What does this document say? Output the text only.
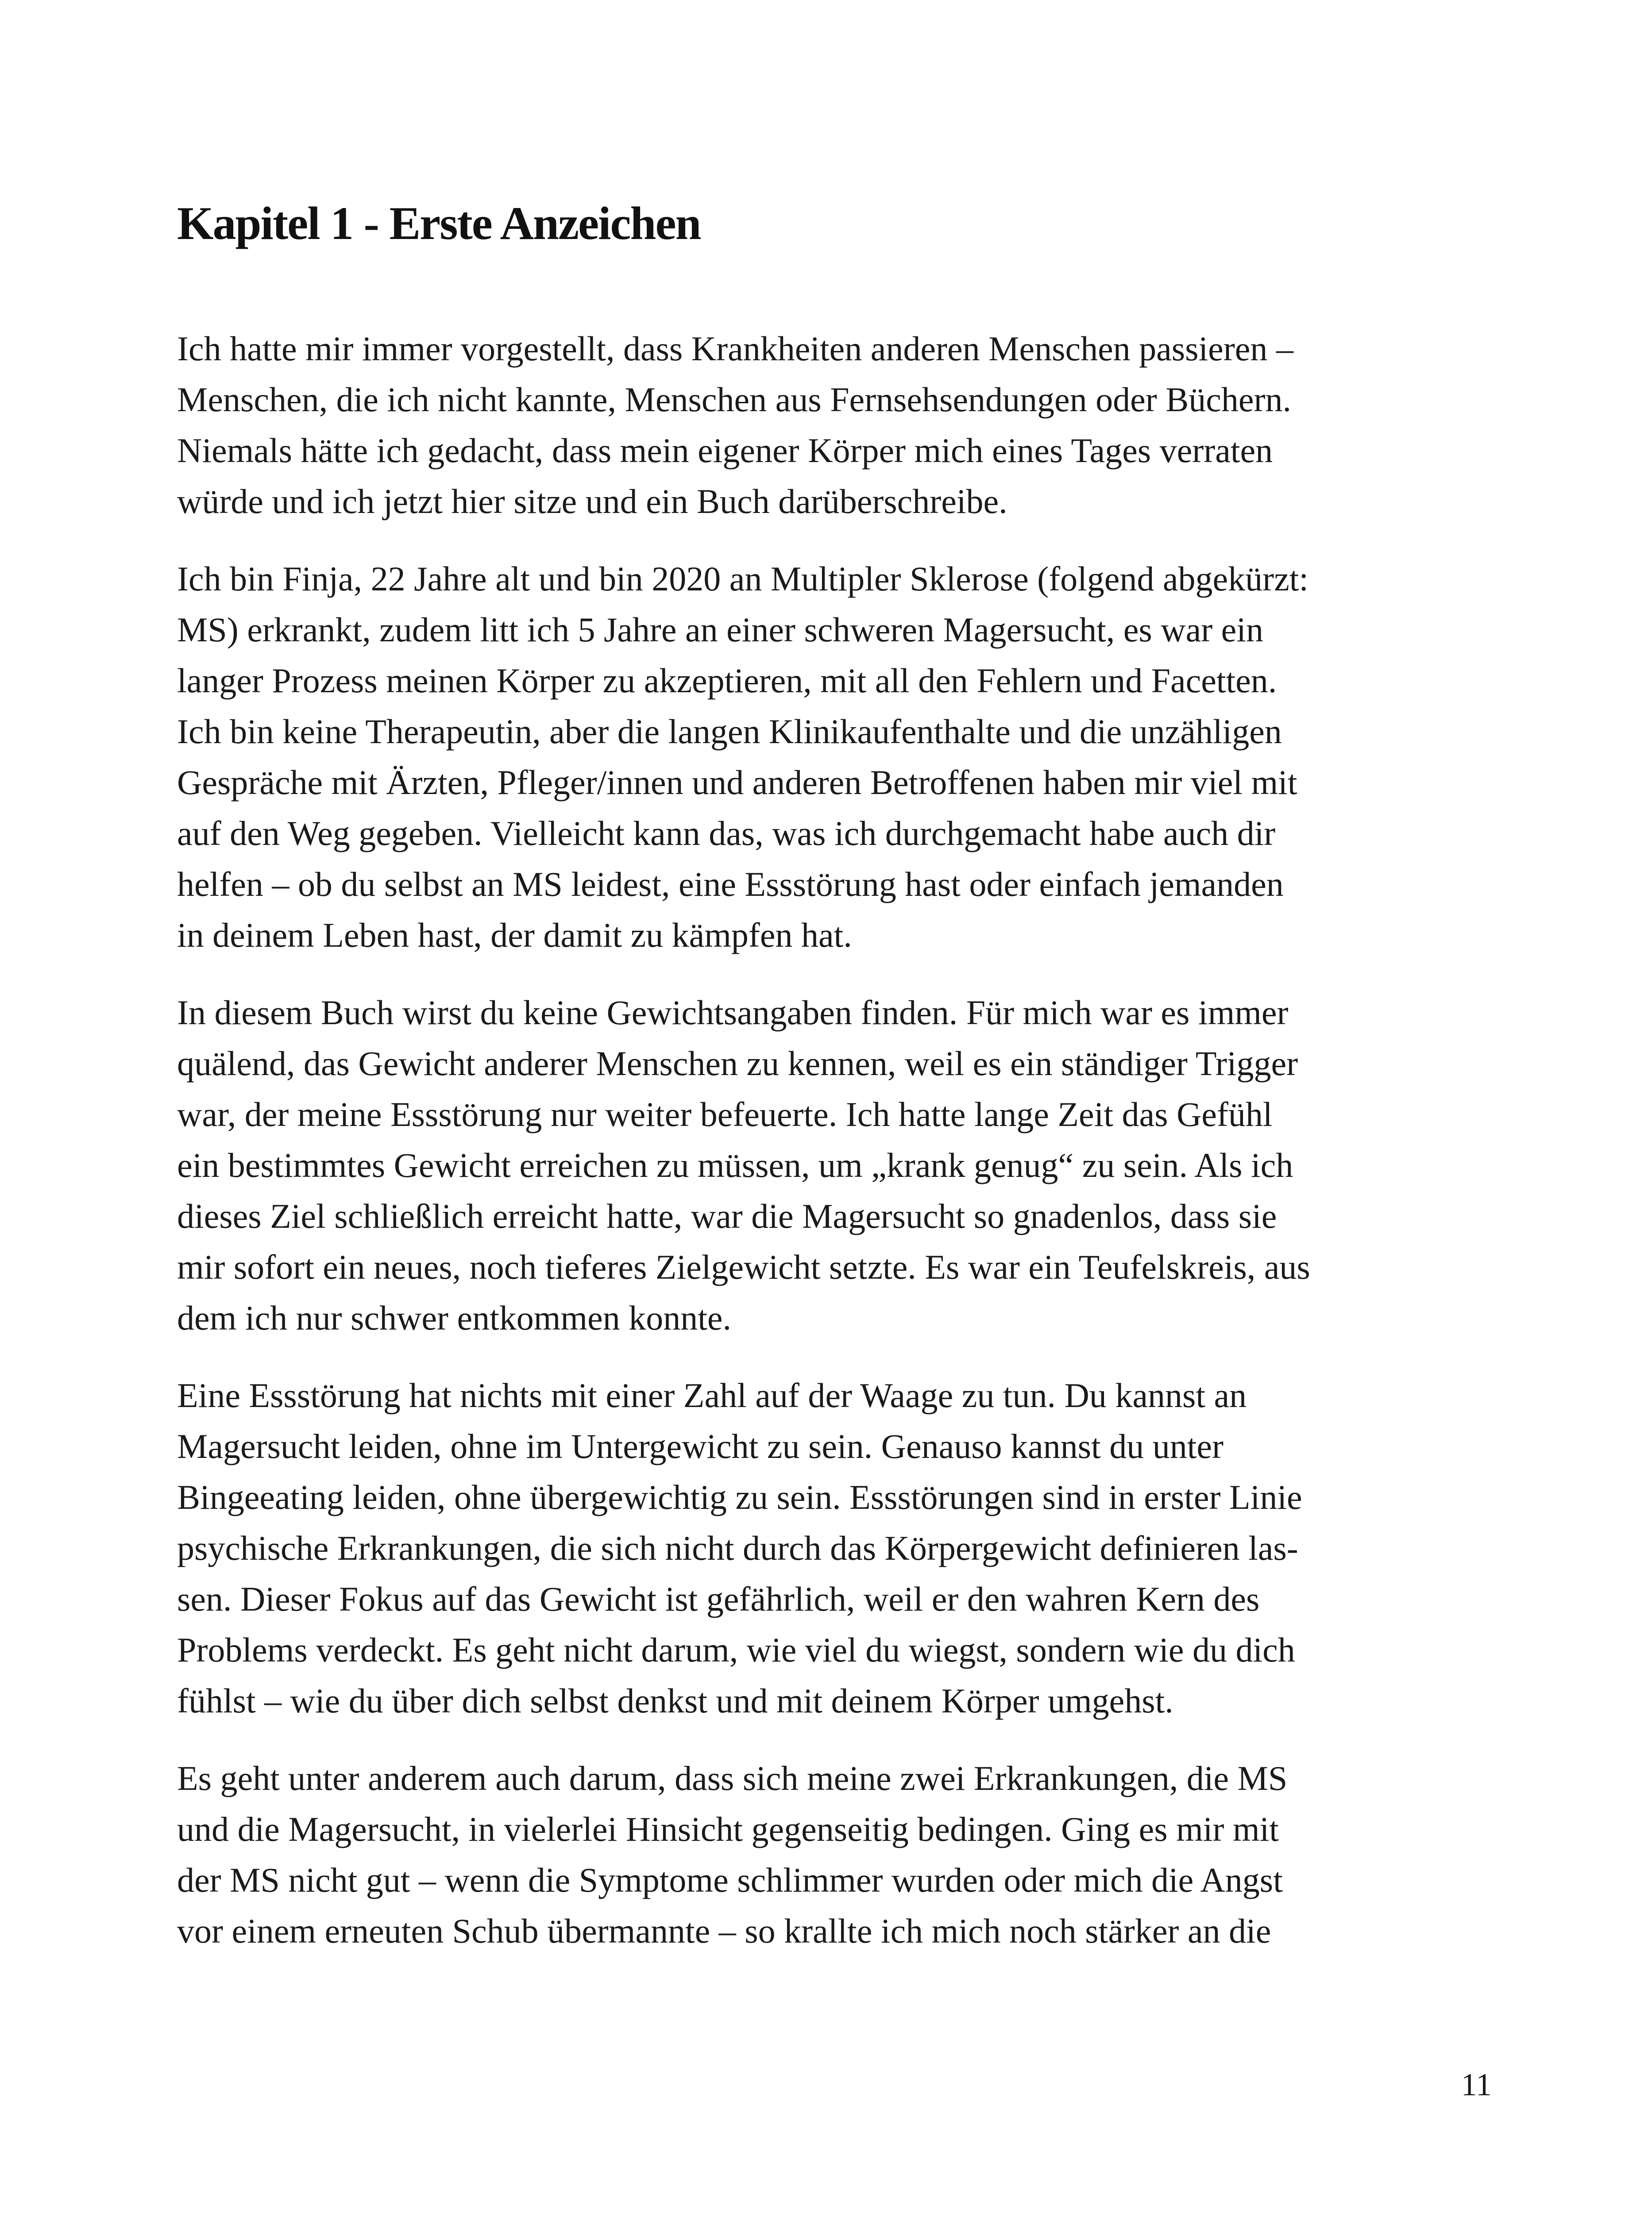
Kapitel 1 - Erste Anzeichen

Ich hatte mir immer vorgestellt, dass Krankheiten anderen Menschen passieren –
Menschen, die ich nicht kannte, Menschen aus Fernsehsendungen oder Büchern.
Niemals hätte ich gedacht, dass mein eigener Körper mich eines Tages verraten
würde und ich jetzt hier sitze und ein Buch darüberschreibe.

Ich bin Finja, 22 Jahre alt und bin 2020 an Multipler Sklerose (folgend abgekürzt:
MS) erkrankt, zudem litt ich 5 Jahre an einer schweren Magersucht, es war ein
langer Prozess meinen Körper zu akzeptieren, mit all den Fehlern und Facetten.
Ich bin keine Therapeutin, aber die langen Klinikaufenthalte und die unzähligen
Gespräche mit Ärzten, Pfleger/innen und anderen Betroffenen haben mir viel mit
auf den Weg gegeben. Vielleicht kann das, was ich durchgemacht habe auch dir
helfen – ob du selbst an MS leidest, eine Essstörung hast oder einfach jemanden
in deinem Leben hast, der damit zu kämpfen hat.

In diesem Buch wirst du keine Gewichtsangaben finden. Für mich war es immer
quälend, das Gewicht anderer Menschen zu kennen, weil es ein ständiger Trigger
war, der meine Essstörung nur weiter befeuerte. Ich hatte lange Zeit das Gefühl
ein bestimmtes Gewicht erreichen zu müssen, um „krank genug“ zu sein. Als ich
dieses Ziel schließlich erreicht hatte, war die Magersucht so gnadenlos, dass sie
mir sofort ein neues, noch tieferes Zielgewicht setzte. Es war ein Teufelskreis, aus
dem ich nur schwer entkommen konnte.

Eine Essstörung hat nichts mit einer Zahl auf der Waage zu tun. Du kannst an
Magersucht leiden, ohne im Untergewicht zu sein. Genauso kannst du unter
Bingeeating leiden, ohne übergewichtig zu sein. Essstörungen sind in erster Linie
psychische Erkrankungen, die sich nicht durch das Körpergewicht definieren las-
sen. Dieser Fokus auf das Gewicht ist gefährlich, weil er den wahren Kern des
Problems verdeckt. Es geht nicht darum, wie viel du wiegst, sondern wie du dich
fühlst – wie du über dich selbst denkst und mit deinem Körper umgehst.

Es geht unter anderem auch darum, dass sich meine zwei Erkrankungen, die MS
und die Magersucht, in vielerlei Hinsicht gegenseitig bedingen. Ging es mir mit
der MS nicht gut – wenn die Symptome schlimmer wurden oder mich die Angst
vor einem erneuten Schub übermannte – so krallte ich mich noch stärker an die

11
